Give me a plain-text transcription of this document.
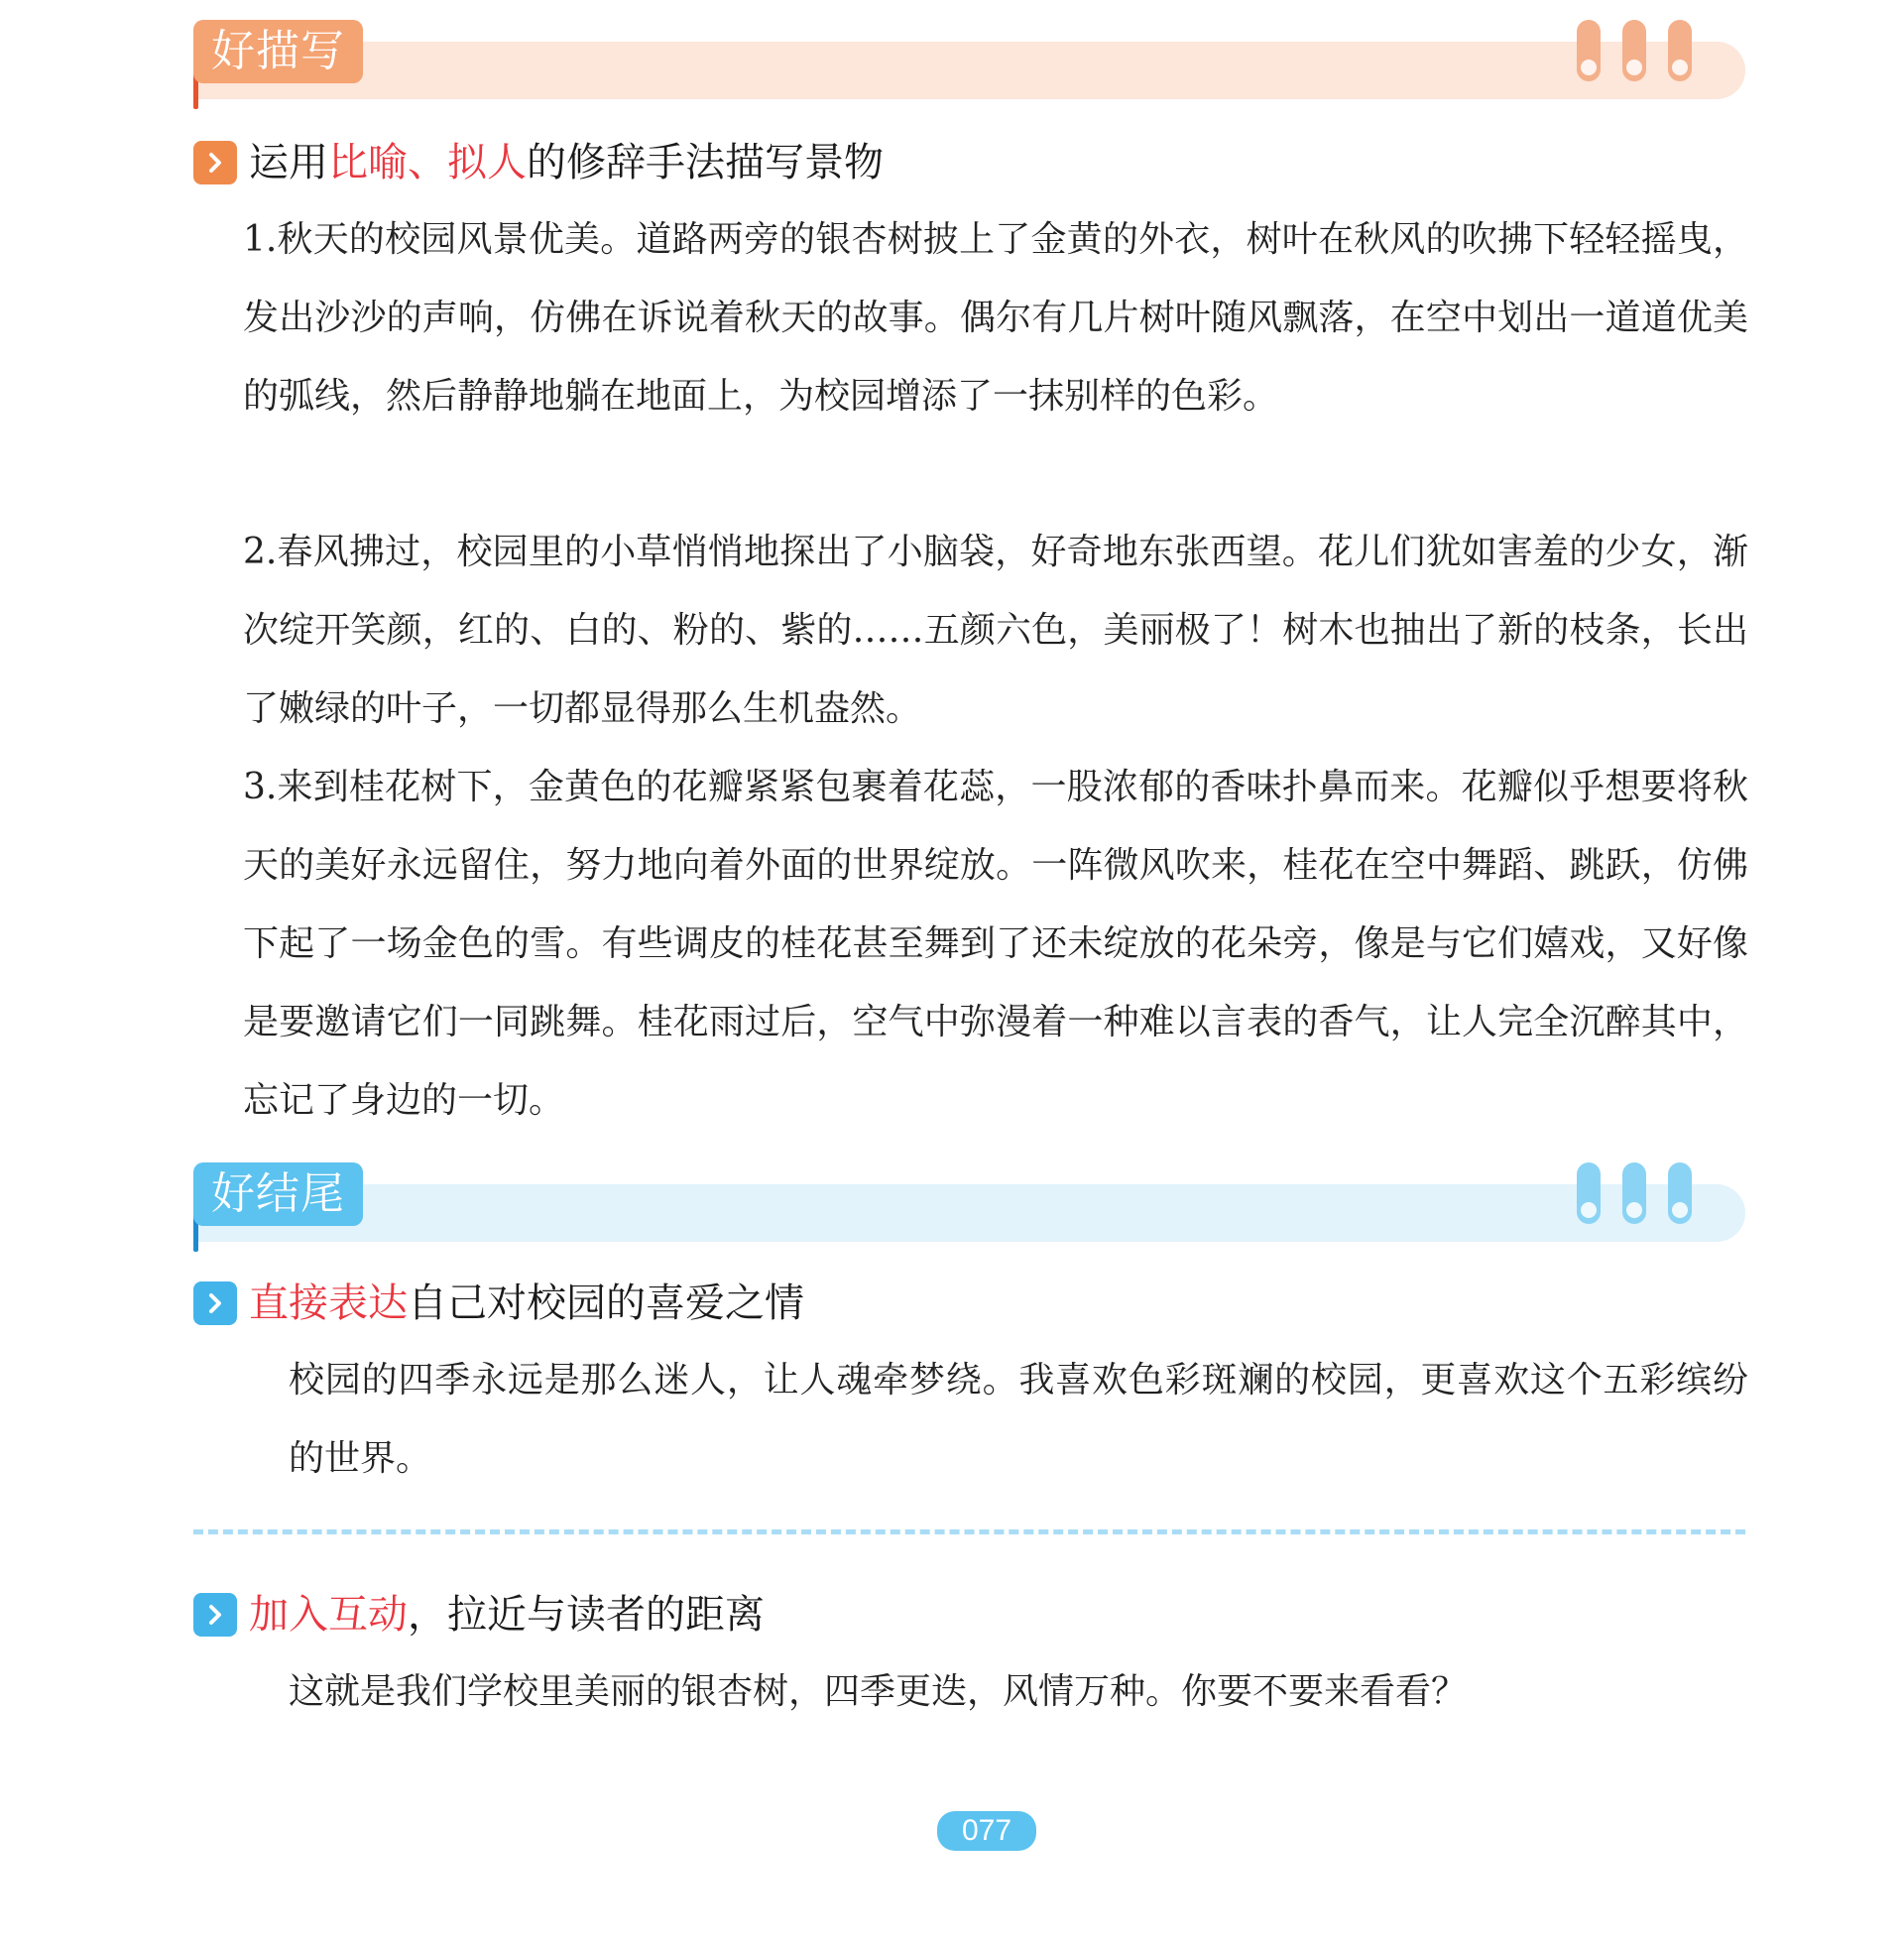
好描写
运用 比喻、拟人 的修辞手法描写景物
1.秋天的校园风景优美。道路两旁的银杏树披上了金黄的外衣，树叶在秋风的吹拂下轻轻摇曳，发出沙沙的声响，仿佛在诉说着秋天的故事。偶尔有几片树叶随风飘落，在空中划出一道道优美的弧线，然后静静地躺在地面上，为校园增添了一抹别样的色彩。
2.春风拂过，校园里的小草悄悄地探出了小脑袋，好奇地东张西望。花儿们犹如害羞的少女，渐次绽开笑颜，红的、白的、粉的、紫的……五颜六色，美丽极了！树木也抽出了新的枝条，长出了嫩绿的叶子，一切都显得那么生机盎然。
3.来到桂花树下，金黄色的花瓣紧紧包裹着花蕊，一股浓郁的香味扑鼻而来。花瓣似乎想要将秋天的美好永远留住，努力地向着外面的世界绽放。一阵微风吹来，桂花在空中舞蹈、跳跃，仿佛下起了一场金色的雪。有些调皮的桂花甚至舞到了还未绽放的花朵旁，像是与它们嬉戏，又好像是要邀请它们一同跳舞。桂花雨过后，空气中弥漫着一种难以言表的香气，让人完全沉醉其中，忘记了身边的一切。
好结尾
直接表达 自己对校园的喜爱之情
校园的四季永远是那么迷人，让人魂牵梦绕。我喜欢色彩斑斓的校园，更喜欢这个五彩缤纷的世界。
加入互动 ，拉近与读者的距离
这就是我们学校里美丽的银杏树，四季更迭，风情万种。你要不要来看看？
077
